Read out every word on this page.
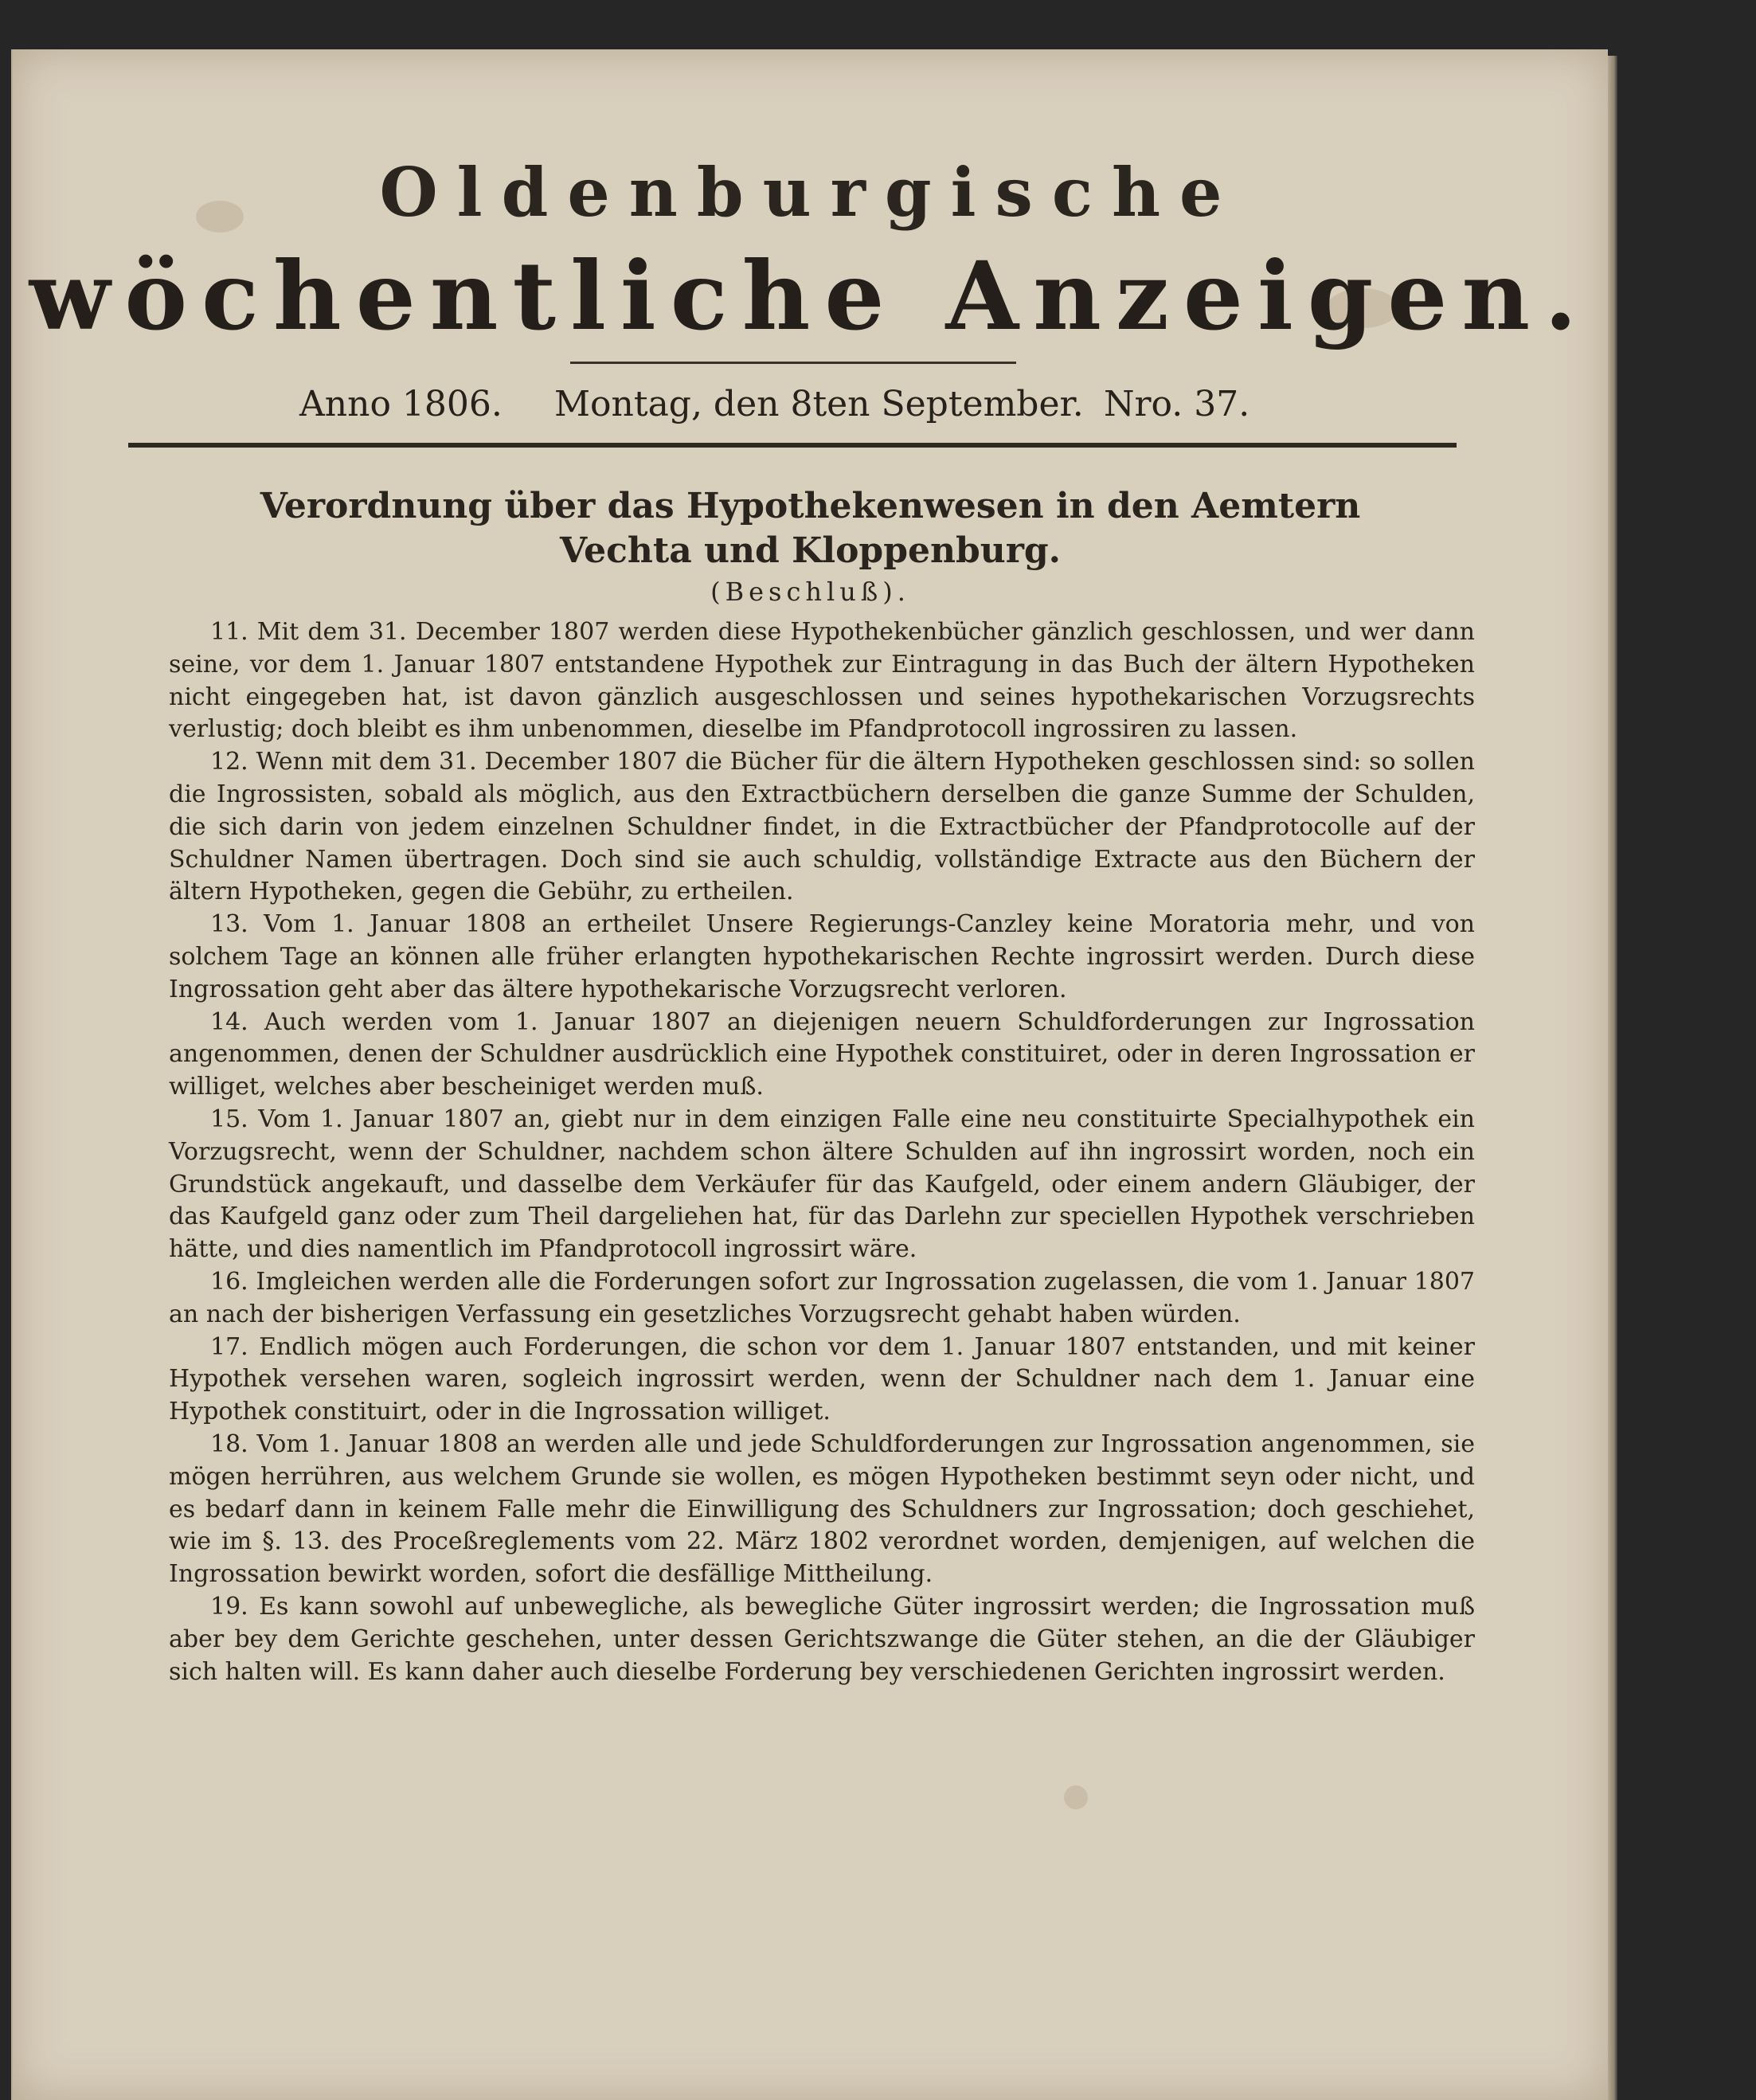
Oldenburgische
wöchentliche Anzeigen.
Anno 1806. Montag, den 8ten September. Nro. 37.
Verordnung über das Hypothekenwesen in den Aemtern
Vechta und Kloppenburg.
(Beschluß).

11. Mit dem 31. December 1807 werden diese Hypothekenbücher gänzlich geschlossen, und wer dann seine, vor dem 1. Januar 1807 entstandene Hypothek zur Eintragung in das Buch der ältern Hypotheken nicht eingegeben hat, ist davon gänzlich ausgeschlossen und seines hypothekarischen Vorzugsrechts verlustig; doch bleibt es ihm unbenommen, dieselbe im Pfandprotocoll ingrossiren zu lassen.

12. Wenn mit dem 31. December 1807 die Bücher für die ältern Hypotheken geschlossen sind: so sollen die Ingrossisten, sobald als möglich, aus den Extractbüchern derselben die ganze Summe der Schulden, die sich darin von jedem einzelnen Schuldner findet, in die Extractbücher der Pfandprotocolle auf der Schuldner Namen übertragen. Doch sind sie auch schuldig, vollständige Extracte aus den Büchern der ältern Hypotheken, gegen die Gebühr, zu ertheilen.

13. Vom 1. Januar 1808 an ertheilet Unsere Regierungs-Canzley keine Moratoria mehr, und von solchem Tage an können alle früher erlangten hypothekarischen Rechte ingrossirt werden. Durch diese Ingrossation geht aber das ältere hypothekarische Vorzugsrecht verloren.

14. Auch werden vom 1. Januar 1807 an diejenigen neuern Schuldforderungen zur Ingrossation angenommen, denen der Schuldner ausdrücklich eine Hypothek constituiret, oder in deren Ingrossation er williget, welches aber bescheiniget werden muß.

15. Vom 1. Januar 1807 an, giebt nur in dem einzigen Falle eine neu constituirte Specialhypothek ein Vorzugsrecht, wenn der Schuldner, nachdem schon ältere Schulden auf ihn ingrossirt worden, noch ein Grundstück angekauft, und dasselbe dem Verkäufer für das Kaufgeld, oder einem andern Gläubiger, der das Kaufgeld ganz oder zum Theil dargeliehen hat, für das Darlehn zur speciellen Hypothek verschrieben hätte, und dies namentlich im Pfandprotocoll ingrossirt wäre.

16. Imgleichen werden alle die Forderungen sofort zur Ingrossation zugelassen, die vom 1. Januar 1807 an nach der bisherigen Verfassung ein gesetzliches Vorzugsrecht gehabt haben würden.

17. Endlich mögen auch Forderungen, die schon vor dem 1. Januar 1807 entstanden, und mit keiner Hypothek versehen waren, sogleich ingrossirt werden, wenn der Schuldner nach dem 1. Januar eine Hypothek constituirt, oder in die Ingrossation williget.

18. Vom 1. Januar 1808 an werden alle und jede Schuldforderungen zur Ingrossation angenommen, sie mögen herrühren, aus welchem Grunde sie wollen, es mögen Hypotheken bestimmt seyn oder nicht, und es bedarf dann in keinem Falle mehr die Einwilligung des Schuldners zur Ingrossation; doch geschiehet, wie im §. 13. des Proceßreglements vom 22. März 1802 verordnet worden, demjenigen, auf welchen die Ingrossation bewirkt worden, sofort die desfällige Mittheilung.

19. Es kann sowohl auf unbewegliche, als bewegliche Güter ingrossirt werden; die Ingrossation muß aber bey dem Gerichte geschehen, unter dessen Gerichtszwange die Güter stehen, an die der Gläubiger sich halten will. Es kann daher auch dieselbe Forderung bey verschiedenen Gerichten ingrossirt werden.
